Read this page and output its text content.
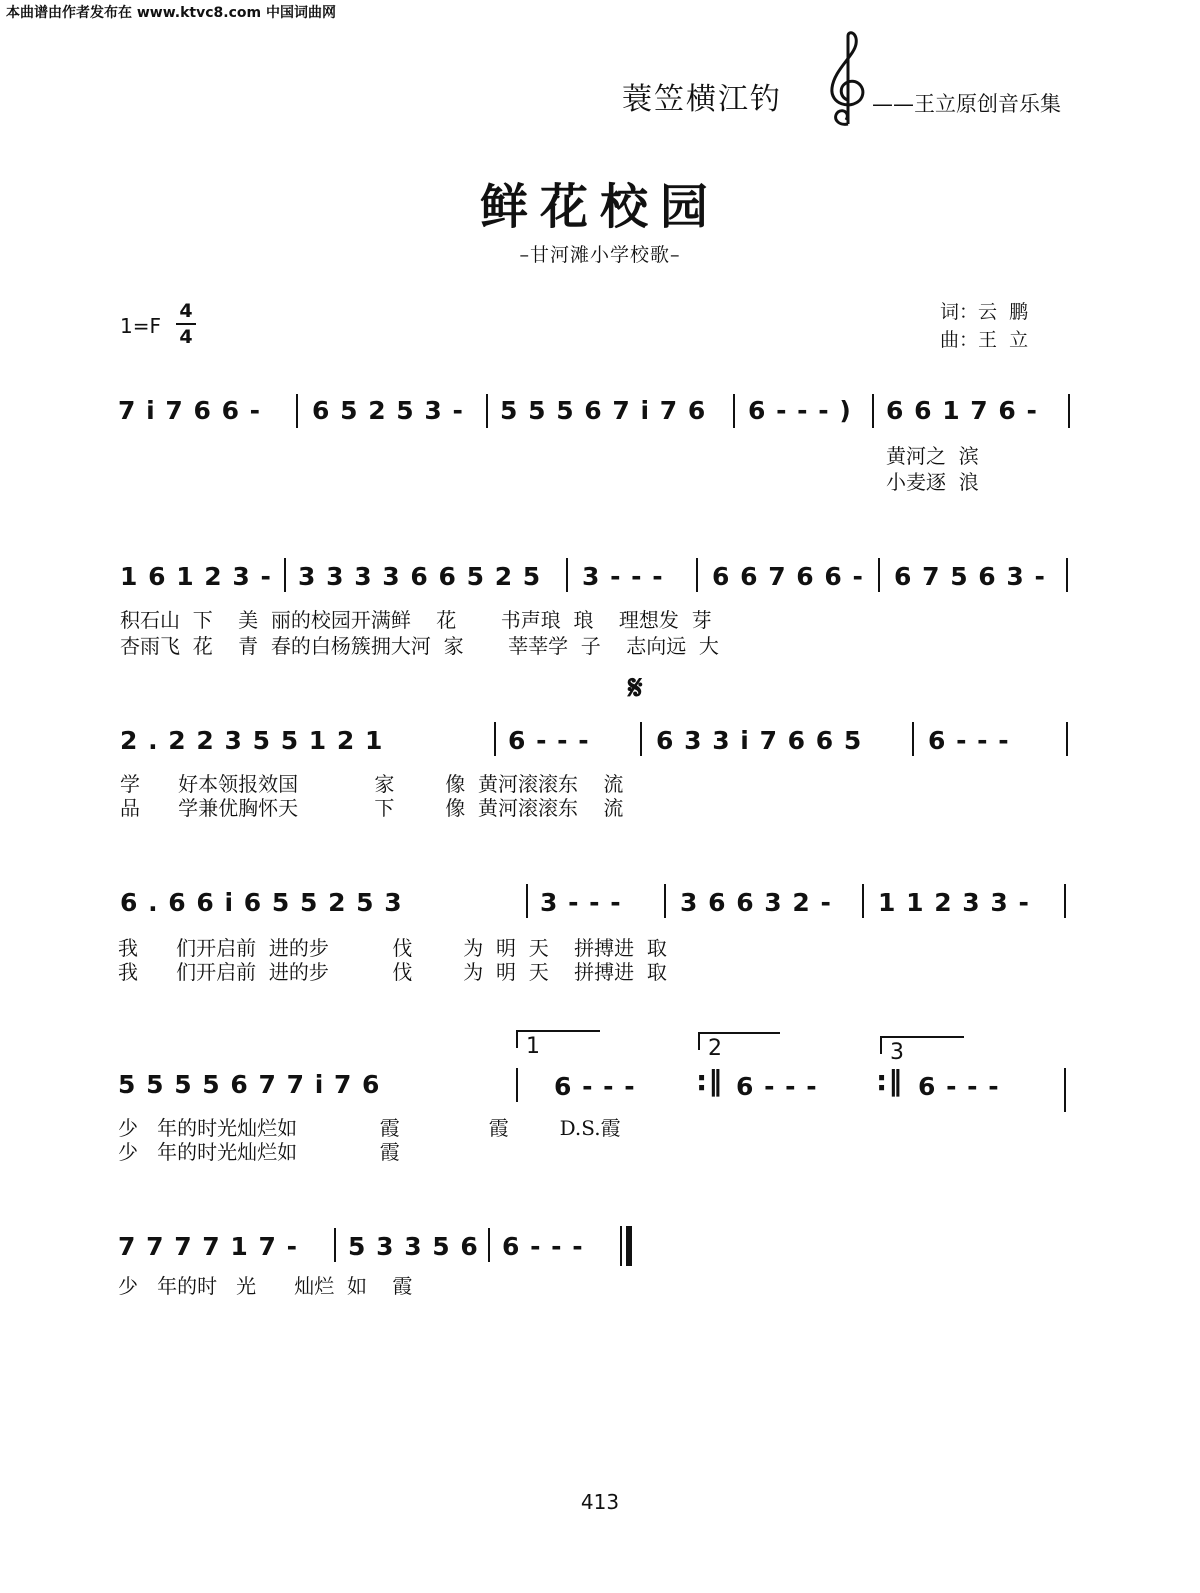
本曲谱由作者发布在 www.ktvc8.com 中国词曲网
蓑笠横江钓	——王立原创音乐集
鲜花校园
–甘河滩小学校歌–
1=F
4
4
词：云  鹏
曲：王  立
7 i 7 6 6 - 6 5 2 5 3 - 5 5 5 6 7 i 7 6 6 - - - ) 6 6 1 7 6 -
黄河之  滨
小麦逐  浪
1 6 1 2 3 - 3 3 3 3 6 6 5 2 5 3 - - - 6 6 7 6 6 - 6 7 5 6 3 -
积石山  下    美  丽的校园开满鲜    花       书声琅  琅    理想发  芽
杏雨飞  花    青  春的白杨簇拥大河  家       莘莘学  子    志向远  大
𝄋
2 . 2 2 3 5 5 1 2 1	6 - - -	6 3 3 i 7 6 6 5	6 - - -
学      好本领报效国            家        像  黄河滚滚东    流
品      学兼优胸怀天            下        像  黄河滚滚东    流
6 . 6 6 i 6 5 5 2 5 3	3 - - - 3 6 6 3 2 - 1 1 2 3 3 -
我      们开启前  进的步          伐        为  明  天    拼搏进  取
我      们开启前  进的步          伐        为  明  天    拼搏进  取
1	2	3
5 5 5 5 6 7 7 i 7 6	6 - - - :‖ 6 - - - :‖ 6 - - -
少   年的时光灿烂如             霞              霞        D.S.霞
少   年的时光灿烂如             霞
7 7 7 7 1 7 - 5 3 3 5 6 6 - - -
少   年的时   光      灿烂  如    霞
413
